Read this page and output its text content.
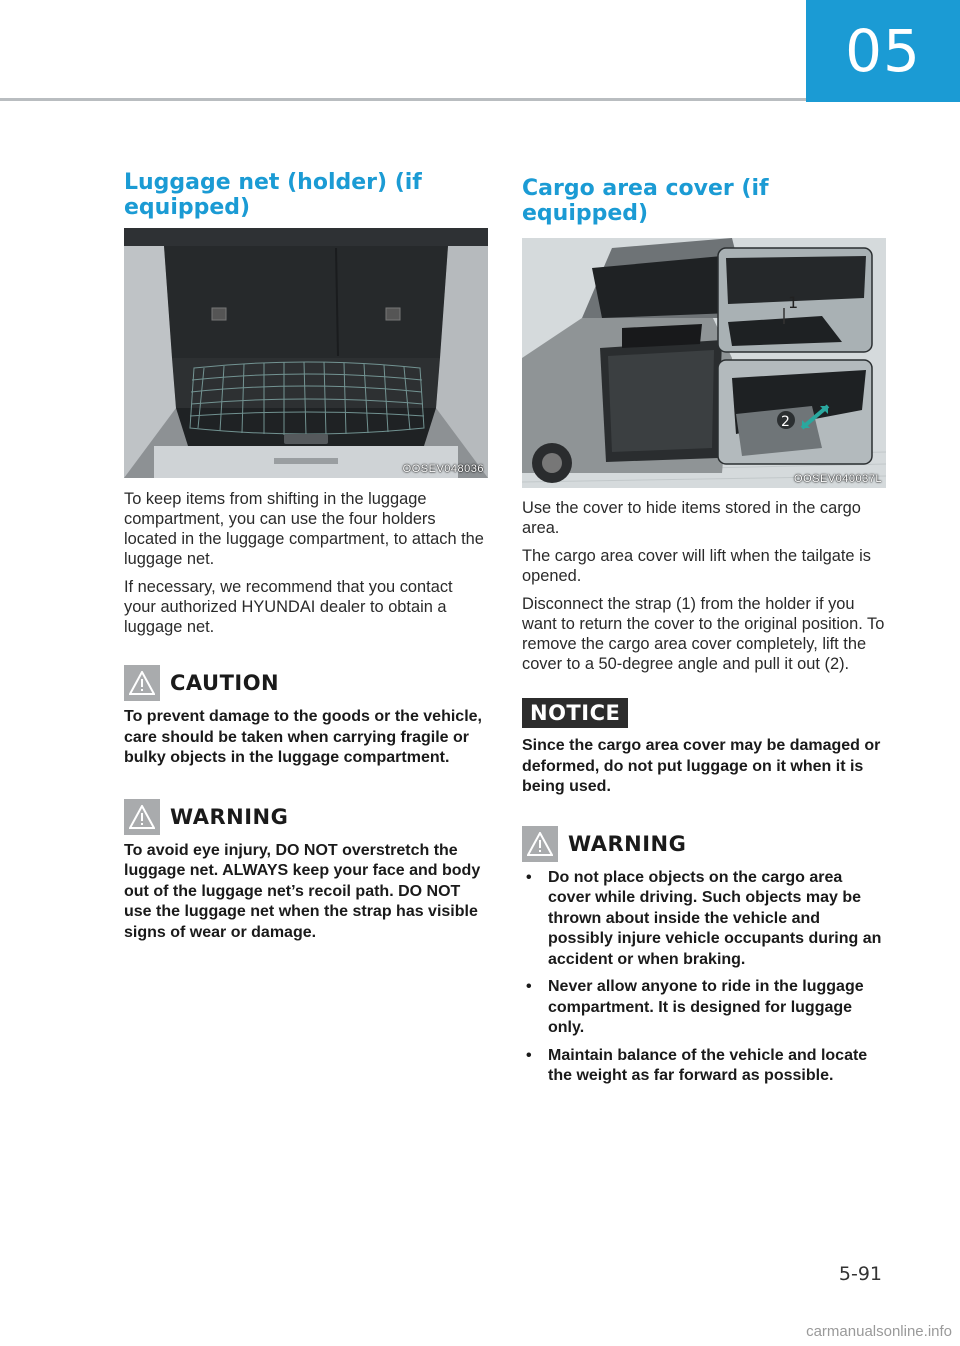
05
Luggage net (holder) (if equipped)
OOSEV048036

To keep items from shifting in the luggage compartment, you can use the four holders located in the luggage compartment, to attach the luggage net.

If necessary, we recommend that you contact your authorized HYUNDAI dealer to obtain a luggage net.

CAUTION

To prevent damage to the goods or the vehicle, care should be taken when carrying fragile or bulky objects in the luggage compartment.

WARNING

To avoid eye injury, DO NOT overstretch the luggage net. ALWAYS keep your face and body out of the luggage net’s recoil path. DO NOT use the luggage net when the strap has visible signs of wear or damage.

Cargo area cover (if equipped)
1
2
OOSEV040037L

Use the cover to hide items stored in the cargo area.

The cargo area cover will lift when the tailgate is opened.

Disconnect the strap (1) from the holder if you want to return the cover to the original position. To remove the cargo area cover completely, lift the cover to a 50-degree angle and pull it out (2).

NOTICE

Since the cargo area cover may be damaged or deformed, do not put luggage on it when it is being used.

WARNING
• Do not place objects on the cargo area cover while driving. Such objects may be thrown about inside the vehicle and possibly injure vehicle occupants during an accident or when braking.
• Never allow anyone to ride in the luggage compartment. It is designed for luggage only.
• Maintain balance of the vehicle and locate the weight as far forward as possible.
5-91
carmanualsonline.info
